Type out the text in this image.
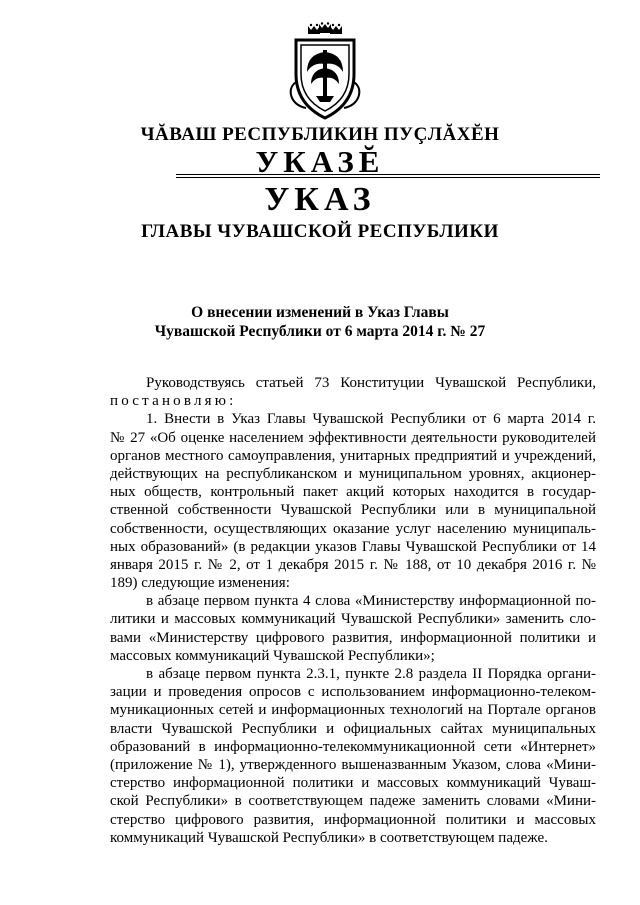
ЧĂВАШ РЕСПУБЛИКИН ПУÇЛĂХĔН
УКАЗĔ
УКАЗ
ГЛАВЫ ЧУВАШСКОЙ РЕСПУБЛИКИ
О внесении изменений в Указ Главы
Чувашской Республики от 6 марта 2014 г. № 27
Руководствуясь статьей 73 Конституции Чувашской Республики,
постановляю:
1. Внести в Указ Главы Чувашской Республики от 6 марта 2014 г.
№ 27 «Об оценке населением эффективности деятельности руководителей
органов местного самоуправления, унитарных предприятий и учреждений,
действующих на республиканском и муниципальном уровнях, акционер-
ных обществ, контрольный пакет акций которых находится в государ-
ственной собственности Чувашской Республики или в муниципальной
собственности, осуществляющих оказание услуг населению муниципаль-
ных образований» (в редакции указов Главы Чувашской Республики от 14
января 2015 г. № 2, от 1 декабря 2015 г. № 188, от 10 декабря 2016 г. №
189) следующие изменения:
в абзаце первом пункта 4 слова «Министерству информационной по-
литики и массовых коммуникаций Чувашской Республики» заменить сло-
вами «Министерству цифрового развития, информационной политики и
массовых коммуникаций Чувашской Республики»;
в абзаце первом пункта 2.3.1, пункте 2.8 раздела II Порядка органи-
зации и проведения опросов с использованием информационно-телеком-
муникационных сетей и информационных технологий на Портале органов
власти Чувашской Республики и официальных сайтах муниципальных
образований в информационно-телекоммуникационной сети «Интернет»
(приложение № 1), утвержденного вышеназванным Указом, слова «Мини-
стерство информационной политики и массовых коммуникаций Чуваш-
ской Республики» в соответствующем падеже заменить словами «Мини-
стерство цифрового развития, информационной политики и массовых
коммуникаций Чувашской Республики» в соответствующем падеже.
